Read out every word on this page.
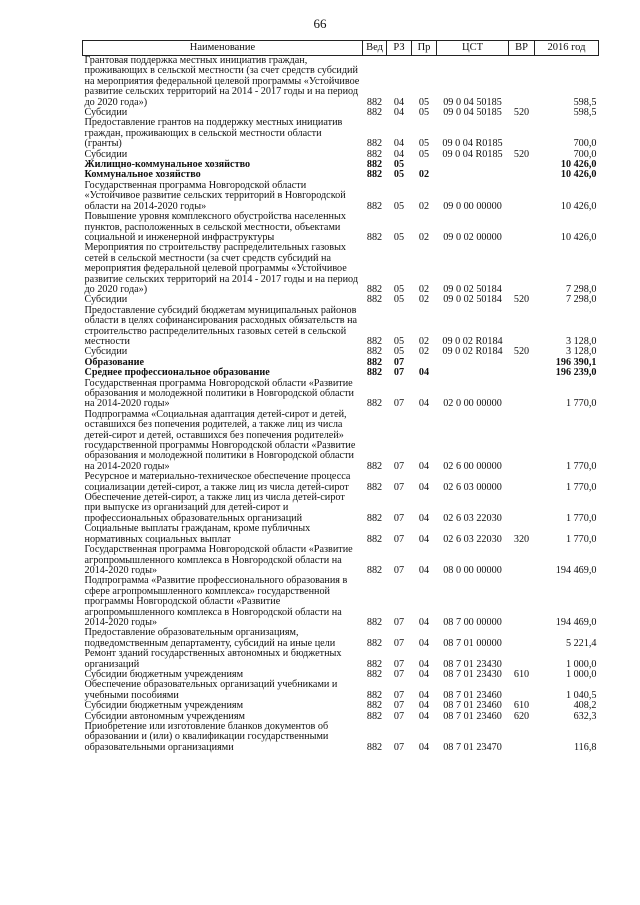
66
Наименование	Вед	РЗ	Пр	ЦСТ	ВР	2016 год
Грантовая поддержка местных инициатив граждан, проживающих в сельской местности (за счет средств субсидий на мероприятия федеральной целевой программы «Устойчивое развитие сельских территорий на 2014 - 2017 годы и на период до 2020 года»)	882	04	05	09 0 04 50185		598,5
Субсидии	882	04	05	09 0 04 50185	520	598,5
Предоставление грантов на поддержку местных инициатив граждан, проживающих в сельской местности области (гранты)	882	04	05	09 0 04 R0185		700,0
Субсидии	882	04	05	09 0 04 R0185	520	700,0
Жилищно-коммунальное хозяйство	882	05				10 426,0
Коммунальное хозяйство	882	05	02			10 426,0
Государственная программа Новгородской области «Устойчивое развитие сельских территорий в Новгородской области на 2014-2020 годы»	882	05	02	09 0 00 00000		10 426,0
Повышение уровня комплексного обустройства населенных пунктов, расположенных в сельской местности, объектами социальной и инженерной инфраструктуры	882	05	02	09 0 02 00000		10 426,0
Мероприятия по строительству распределительных газовых сетей в сельской местности (за счет средств субсидий на мероприятия федеральной целевой программы «Устойчивое развитие сельских территорий на 2014 - 2017 годы и на период до 2020 года»)	882	05	02	09 0 02 50184		7 298,0
Субсидии	882	05	02	09 0 02 50184	520	7 298,0
Предоставление субсидий бюджетам муниципальных районов области в целях софинансирования расходных обязательств на строительство распределительных газовых сетей в сельской местности	882	05	02	09 0 02 R0184		3 128,0
Субсидии	882	05	02	09 0 02 R0184	520	3 128,0
Образование	882	07				196 390,1
Среднее профессиональное образование	882	07	04			196 239,0
Государственная программа Новгородской области «Развитие образования и молодежной политики в Новгородской области на 2014-2020 годы»	882	07	04	02 0 00 00000		1 770,0
Подпрограмма «Социальная адаптация детей-сирот и детей, оставшихся без попечения родителей, а также лиц из числа детей-сирот и детей, оставшихся без попечения родителей» государственной программы Новгородской области «Развитие образования и молодежной политики в Новгородской области на 2014-2020 годы»	882	07	04	02 6 00 00000		1 770,0
Ресурсное и материально-техническое обеспечение процесса социализации детей-сирот, а также лиц из числа детей-сирот	882	07	04	02 6 03 00000		1 770,0
Обеспечение детей-сирот, а также лиц из числа детей-сирот при выпуске из организаций для детей-сирот и профессиональных образовательных организаций	882	07	04	02 6 03 22030		1 770,0
Социальные выплаты гражданам, кроме публичных нормативных социальных выплат	882	07	04	02 6 03 22030	320	1 770,0
Государственная программа Новгородской области «Развитие агропромышленного комплекса в Новгородской области на 2014-2020 годы»	882	07	04	08 0 00 00000		194 469,0
Подпрограмма «Развитие профессионального образования в сфере агропромышленного комплекса» государственной программы Новгородской области «Развитие агропромышленного комплекса в Новгородской области на 2014-2020 годы»	882	07	04	08 7 00 00000		194 469,0
Предоставление образовательным организациям, подведомственным департаменту, субсидий на иные цели	882	07	04	08 7 01 00000		5 221,4
Ремонт зданий государственных автономных и бюджетных организаций	882	07	04	08 7 01 23430		1 000,0
Субсидии бюджетным учреждениям	882	07	04	08 7 01 23430	610	1 000,0
Обеспечение образовательных организаций учебниками и учебными пособиями	882	07	04	08 7 01 23460		1 040,5
Субсидии бюджетным учреждениям	882	07	04	08 7 01 23460	610	408,2
Субсидии автономным учреждениям	882	07	04	08 7 01 23460	620	632,3
Приобретение или изготовление бланков документов об образовании и (или) о квалификации государственными образовательными организациями	882	07	04	08 7 01 23470		116,8
